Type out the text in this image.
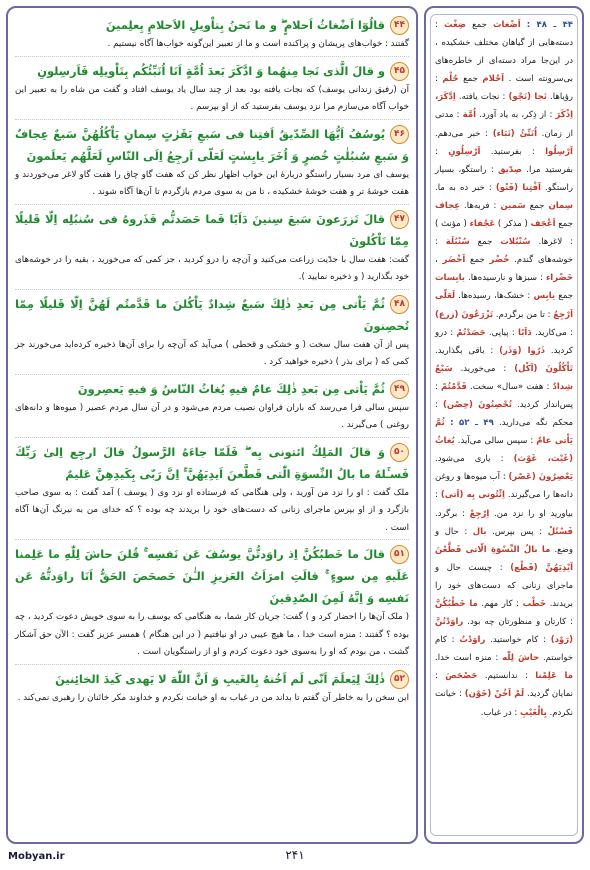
۴۴قالُوٓا اَضْغاثُ اَحلامٍ ۖ و ما نَحنُ بِتاْويلِ الاَحلامِ بِعلِمينَ
گفتند : خواب‌های پریشان و پراکنده است و ما از تعبیر این‌گونه خواب‌ها آگاه نیستیم .
۴۵و قالَ الَّذى نَجا مِنهُما وَ ادَّكَرَ بَعدَ اُمَّةٍ اَنَا اُنَبِّئُكُم بِتَاْويلِه فَاَرسِلونِ
آن (رفیق زندانی یوسف) که نجات یافته بود بعد از چند سال یاد یوسف افتاد و گفت من شاه را به تعبیر این خواب آگاه می‌سازم مرا نزد یوسف بفرستید که از او بپرسم .
۴۶يُوسُفُ اَيُّهَا الصِّدّيقُ اَفتِنا فى سَبعِ بَقَرٰتٍ سِمانٍ يَاْكُلُهُنَّ سَبعٌ عِجافٌ وَ سَبعِ سُنبُلٰتٍ خُضرٍ وَ اُخَرَ يابِسٰتٍ لَعَلّى اَرجِعُ اِلَى النّاسِ لَعَلَّهُم يَعلَمونَ
یوسف ای مرد بسیار راستگو دربارهٔ این خواب اظهار نظر کن که هفت گاو چاق را هفت گاو لاغر می‌خوردند و هفت خوشهٔ تر و هفت خوشهٔ خشکیده ، تا من به سوی مردم بازگردم تا آن‌ها آگاه شوند .
۴۷قالَ تَزرَعونَ سَبعَ سِنينَ دَاَبًا فَما حَصَدتُّم فَذَروهُ فى سُنبُلِه اِلّا قَليلًا مِمّا تَاْكُلونَ
گفت: هفت سال با جدّیت زراعت می‌کنید و آن‌چه را درو کردید ، جز کمی که می‌خورید ، بقیه را در خوشه‌های خود بگذارید ( و ذخیره نمایید ).
۴۸ثُمَّ يَاْتى مِن بَعدِ ذٰلِكَ سَبعٌ شِدادٌ يَاْكُلنَ ما قَدَّمتُم لَهُنَّ اِلّا قَليلًا مِمّا تُحصِنونَ
پس از آن هفت سال سخت ( و خشکی و قحطی ) می‌آید که آن‌چه را برای آن‌ها ذخیره کرده‌اید می‌خورند جز کمی که ( برای بذر ) ذخیره خواهید کرد .
۴۹ثُمَّ يَاْتى مِن بَعدِ ذٰلِكَ عامٌ فيهِ يُغاثُ النّاسُ وَ فيهِ يَعصِرونَ
سپس سالی فرا می‌رسد که باران فراوان نصیب مردم می‌شود و در آن سال مردم عصیر ( میوه‌ها و دانه‌های روغنی ) می‌گیرند .
۵۰وَ قالَ المَلِكُ ائتونى بِه ۖ فَلَمّا جاءَهُ الرَّسولُ قالَ ارجِع اِلىٰ رَبِّكَ فَسـَٔلهُ ما بالُ النِّسوَةِ الّٰتى قَطَّعنَ اَيدِيَهُنَّ ۚ اِنَّ رَبّى بِكَيدِهِنَّ عَليمٌ
ملک گفت : او را نزد من آورید ، ولی هنگامی که فرستاده او نزد وی ( یوسف ) آمد گفت : به سوی صاحب بازگرد و از او بپرس ماجرای زنانی که دست‌های خود را بریدند چه بوده ؟ که خدای من به نیرنگ آن‌ها آگاه است .
۵۱قالَ ما خَطبُكُنَّ اِذ راوَدتُّنَّ يوسُفَ عَن نَفسِه ۚ قُلنَ حاشَ لِلّٰهِ ما عَلِمنا عَلَيهِ مِن سوءٍ ۚ قالَتِ امرَاَتُ العَزيزِ الـٰٔنَ حَصحَصَ الحَقُّ اَنَا راوَدتُّهُ عَن نَفسِه وَ اِنَّهُ لَمِنَ الصّٰدِقينَ
( ملک آن‌ها را احضار کرد و ) گفت: جریان کار شما، به هنگامی که یوسف را به سوی خویش دعوت کردید ، چه بوده ؟ گفتند : منزه است خدا ، ما هیچ عیبی در او نیافتیم ( در این هنگام ) همسر عزیز گفت : الآن حق آشکار گشت ، من بودم که او را به‌سوی خود دعوت کردم و او از راستگویان است .
۵۲ذٰلِكَ لِيَعلَمَ اَنّى لَم اَخُنهُ بِالغَيبِ وَ اَنَّ اللّٰهَ لا يَهدى كَيدَ الخائِنينَ
این سخن را به خاطر آن گفتم تا بداند من در غیاب به او خیانت نکردم و خداوند مکر خائنان را رهبری نمی‌کند .
۴۴ ـ ۴۸ : اَضْغاث جمع ضِغْث : دسته‌هایی از گیاهان مختلف خشکیده ، در این‌جا مراد دسته‌ای از خاطره‌های بی‌سرونته است . اَحْلام جمع حُلْم : رؤیاها. نَجا (نَجْو) : نجات یافته. اِدَّكَرَ، اِذْكَرَ : از ذِکر، به یاد آورد. اُمَّة : مدتی از زمان. اُنَبِّئُ (نَبَاء) : خبر می‌دهم. اَرْسِلُوا : بفرستید. اَرْسِلُونِ : بفرستید مرا. صِدّيق : راستگو، بسیار راستگو. اَفْتِنا (فَتْو) : خبر ده به ما. سِمان جمع سَمين : فربه‌ها. عِجاف جمع اَعْجَف ( مذکر ) عَجْفاء ( مؤنث ) : لاغرها. سُنْبُلات جمع سُنْبُلَة : خوشه‌های گندم. خُضْر جمع اَخْضَر ، خَضْراء : سبزها و نارسیده‌ها. يابِسات جمع يابِس : خشک‌ها، رسیده‌ها. لَعَلّى اَرْجِعُ : تا من برگردم. تَزْرَعُونَ (زرع) : می‌کارید. دَاَبًا : پیاپی. حَصَدْتُمْ : درو کردید. ذَرُوا (وَذَر) : باقی بگذارید. تَاْكُلُونَ (اَكْل) : می‌خورید. سَبْعٌ شِدادٌ : هفت «سال» سخت. قَدَّمْتُمْ : پس‌انداز کردید. تُحْصِنُونَ (حِصْن) : محکم نگه می‌دارید. ۴۹ ـ ۵۲ : ثُمَّ يَاْتى عامٌ : سپس سالی می‌آید. يُغاثُ (غَيْث، غَوْث) : یاری می‌شود. يَعْصِرُونَ (عَصْر) : آب میوه‌ها و روغن دانه‌ها را می‌گیرند. اِئْتُونى بِه (اَتى) : بیاورید او را نزد من. اِرْجِعْ : برگرد. فَسْئَلْ : پس بپرس. بال : حال و وضع. ما بالُ النِّسْوَةِ الّاتى قَطَّعْنَ اَيْدِيَهُنَّ (قَطْع) : چیست حال و ماجرای زنانی که دست‌های خود را بریدند. خَطْب : کار مهم. ما خَطْبُكُنَّ : کارتان و منظورتان چه بود. راوَدْتُنَّ (رَوْد) : کام خواستید. راوَدْتُ : کام خواستم. حاشَ لِلّٰه : منزه است خدا. ما عَلِمْنا : ندانستیم. حَصْحَصَ : نمایان گردید. لَمْ اَخُنْ (خَوْن) : خیانت نکردم. بِالْغَيْبِ : در غیاب.
Mobyan.ir	۲۴۱
